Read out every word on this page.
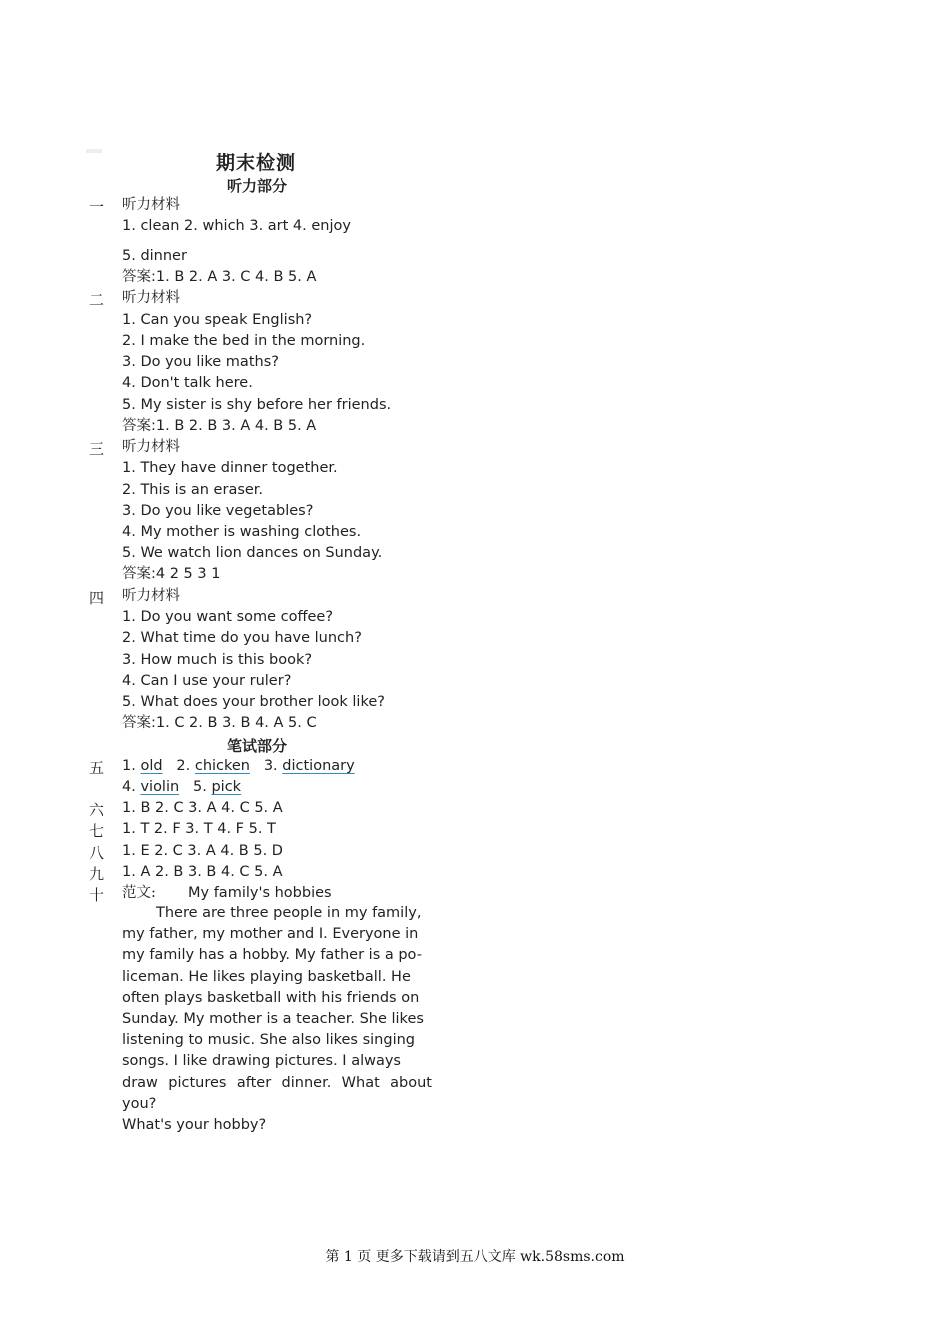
期末检测
听力部分
一 听力材料
1. clean 2. which 3. art 4. enjoy
5. dinner
答案:1. B 2. A 3. C 4. B 5. A
二 听力材料
1. Can you speak English?
2. I make the bed in the morning.
3. Do you like maths?
4. Don't talk here.
5. My sister is shy before her friends.
答案:1. B 2. B 3. A 4. B 5. A
三 听力材料
1. They have dinner together.
2. This is an eraser.
3. Do you like vegetables?
4. My mother is washing clothes.
5. We watch lion dances on Sunday.
答案:4 2 5 3 1
四 听力材料
1. Do you want some coffee?
2. What time do you have lunch?
3. How much is this book?
4. Can I use your ruler?
5. What does your brother look like?
答案:1. C 2. B 3. B 4. A 5. C
笔试部分
五 1. old 2. chicken 3. dictionary
4. violin 5. pick
六 1. B 2. C 3. A 4. C 5. A
七 1. T 2. F 3. T 4. F 5. T
八 1. E 2. C 3. A 4. B 5. D
九 1. A 2. B 3. B 4. C 5. A
十 范文: My family's hobbies
There are three people in my family,
my father, my mother and I. Everyone in
my family has a hobby. My father is a po-
liceman. He likes playing basketball. He
often plays basketball with his friends on
Sunday. My mother is a teacher. She likes
listening to music. She also likes singing
songs. I like drawing pictures. I always
draw pictures after dinner. What about you?
What's your hobby?
第 1 页 更多下载请到五八文库 wk.58sms.com
